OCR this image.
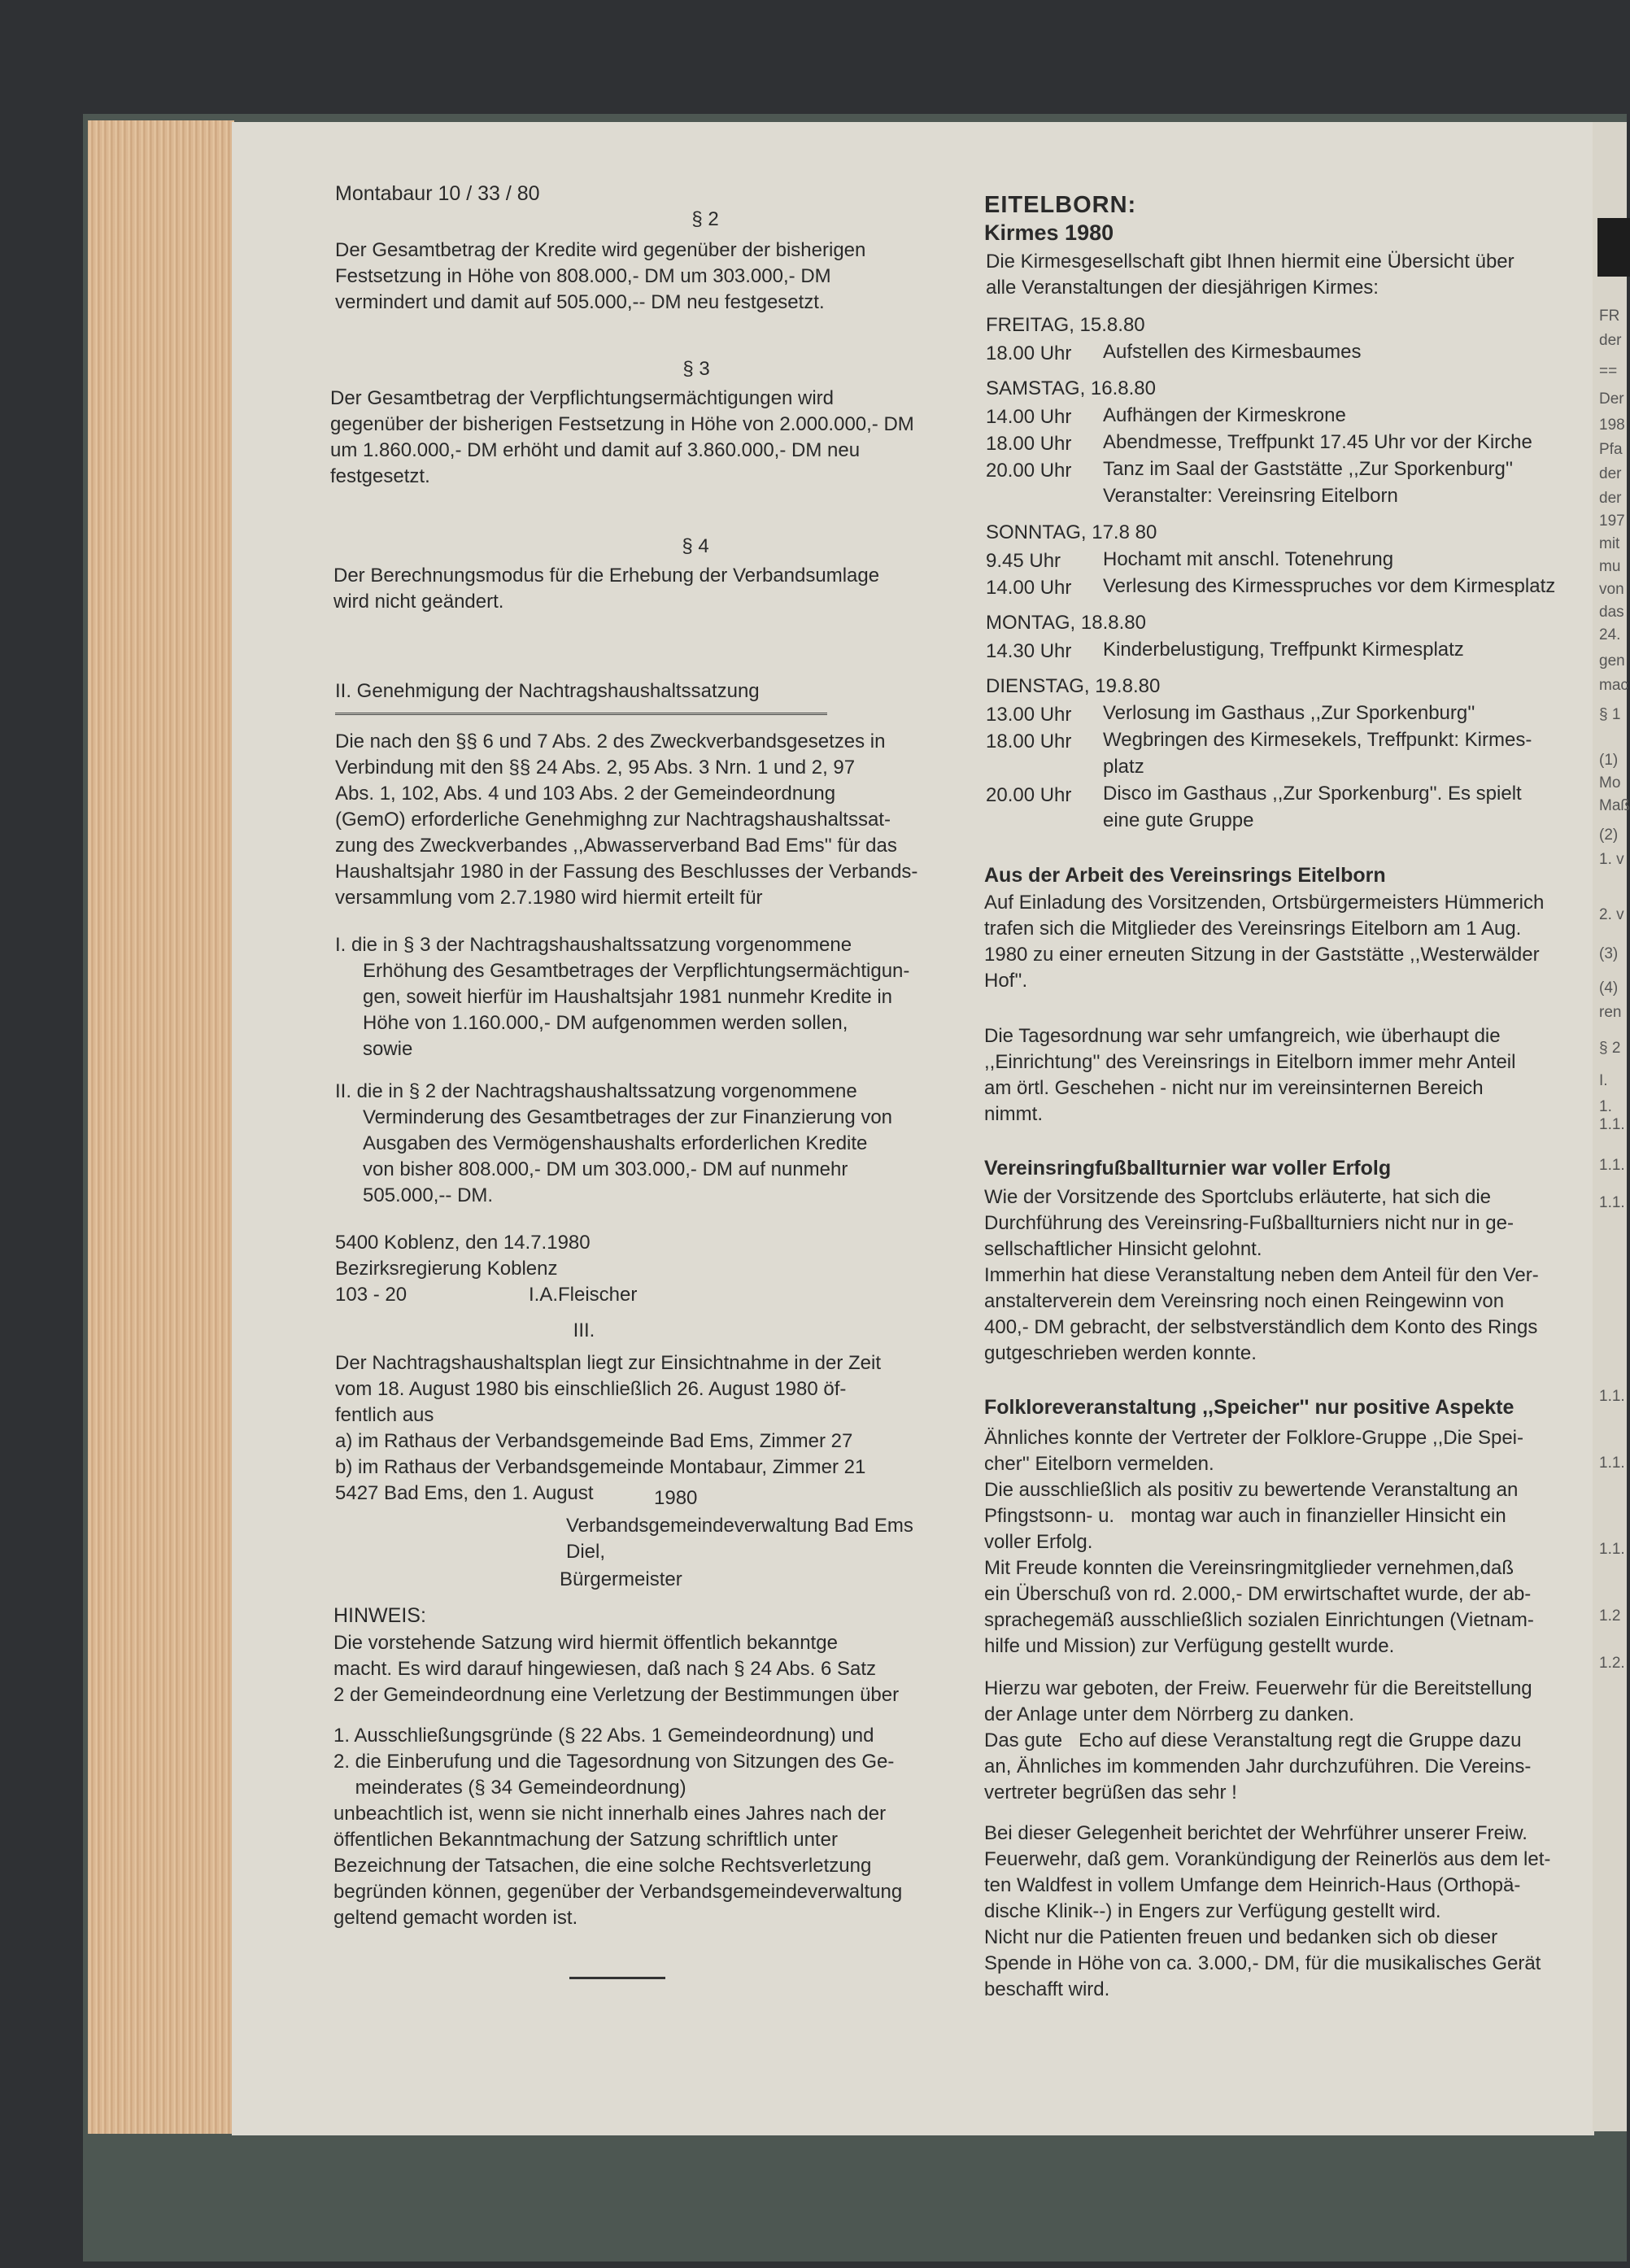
FR
der
==
Der
198
Pfa
der
der
197
mit
mu
von
das
24.
gen
mac
§ 1
(1)
Mo
Maß
(2)
1. v
2. v
(3)
(4)
ren
§ 2
I.
1.
1.1.
1.1.
1.1.
1.1.
1.1.
1.1.
1.2
1.2.
Montabaur 10 / 33 / 80
§ 2
Der Gesamtbetrag der Kredite wird gegenüber der bisherigen
Festsetzung in Höhe von 808.000,- DM um 303.000,- DM
vermindert und damit auf 505.000,-- DM neu festgesetzt.
§ 3
Der Gesamtbetrag der Verpflichtungsermächtigungen wird
gegenüber der bisherigen Festsetzung in Höhe von 2.000.000,- DM
um 1.860.000,- DM erhöht und damit auf 3.860.000,- DM neu
festgesetzt.
§ 4
Der Berechnungsmodus für die Erhebung der Verbandsumlage
wird nicht geändert.
II. Genehmigung der Nachtragshaushaltssatzung
Die nach den §§ 6 und 7 Abs. 2 des Zweckverbandsgesetzes in
Verbindung mit den §§ 24 Abs. 2, 95 Abs. 3 Nrn. 1 und 2, 97
Abs. 1, 102, Abs. 4 und 103 Abs. 2 der Gemeindeordnung
(GemO) erforderliche Genehmighng zur Nachtragshaushaltssat-
zung des Zweckverbandes ,,Abwasserverband Bad Ems'' für das
Haushaltsjahr 1980 in der Fassung des Beschlusses der Verbands-
versammlung vom 2.7.1980 wird hiermit erteilt für
I. die in § 3 der Nachtragshaushaltssatzung vorgenommene
Erhöhung des Gesamtbetrages der Verpflichtungsermächtigun-
gen, soweit hierfür im Haushaltsjahr 1981 nunmehr Kredite in
Höhe von 1.160.000,- DM aufgenommen werden sollen,
sowie
II. die in § 2 der Nachtragshaushaltssatzung vorgenommene
Verminderung des Gesamtbetrages der zur Finanzierung von
Ausgaben des Vermögenshaushalts erforderlichen Kredite
von bisher 808.000,- DM um 303.000,- DM auf nunmehr
505.000,-- DM.
5400 Koblenz, den 14.7.1980
Bezirksregierung Koblenz
103 - 20	I.A.Fleischer
III.
Der Nachtragshaushaltsplan liegt zur Einsichtnahme in der Zeit
vom 18. August 1980 bis einschließlich 26. August 1980 öf-
fentlich aus
a) im Rathaus der Verbandsgemeinde Bad Ems, Zimmer 27
b) im Rathaus der Verbandsgemeinde Montabaur, Zimmer 21
5427 Bad Ems, den 1. August	1980
Verbandsgemeindeverwaltung Bad Ems
Diel,
Bürgermeister
HINWEIS:
Die vorstehende Satzung wird hiermit öffentlich bekanntge
macht. Es wird darauf hingewiesen, daß nach § 24 Abs. 6 Satz
2 der Gemeindeordnung eine Verletzung der Bestimmungen über
1. Ausschließungsgründe (§ 22 Abs. 1 Gemeindeordnung) und
2. die Einberufung und die Tagesordnung von Sitzungen des Ge-
meinderates (§ 34 Gemeindeordnung)
unbeachtlich ist, wenn sie nicht innerhalb eines Jahres nach der
öffentlichen Bekanntmachung der Satzung schriftlich unter
Bezeichnung der Tatsachen, die eine solche Rechtsverletzung
begründen können, gegenüber der Verbandsgemeindeverwaltung
geltend gemacht worden ist.
EITELBORN:
Kirmes 1980
Die Kirmesgesellschaft gibt Ihnen hiermit eine Übersicht über
alle Veranstaltungen der diesjährigen Kirmes:
FREITAG, 15.8.80
18.00 Uhr Aufstellen des Kirmesbaumes
SAMSTAG, 16.8.80
14.00 Uhr Aufhängen der Kirmeskrone
18.00 Uhr Abendmesse, Treffpunkt 17.45 Uhr vor der Kirche
20.00 Uhr Tanz im Saal der Gaststätte ,,Zur Sporkenburg''
Veranstalter: Vereinsring Eitelborn
SONNTAG, 17.8 80
9.45 Uhr Hochamt mit anschl. Totenehrung
14.00 Uhr Verlesung des Kirmesspruches vor dem Kirmesplatz
MONTAG, 18.8.80
14.30 Uhr Kinderbelustigung, Treffpunkt Kirmesplatz
DIENSTAG, 19.8.80
13.00 Uhr Verlosung im Gasthaus ,,Zur Sporkenburg''
18.00 Uhr Wegbringen des Kirmesekels, Treffpunkt: Kirmes-
platz
20.00 Uhr Disco im Gasthaus ,,Zur Sporkenburg''. Es spielt
eine gute Gruppe
Aus der Arbeit des Vereinsrings Eitelborn
Auf Einladung des Vorsitzenden, Ortsbürgermeisters Hümmerich
trafen sich die Mitglieder des Vereinsrings Eitelborn am 1 Aug.
1980 zu einer erneuten Sitzung in der Gaststätte ,,Westerwälder
Hof''.
Die Tagesordnung war sehr umfangreich, wie überhaupt die
,,Einrichtung'' des Vereinsrings in Eitelborn immer mehr Anteil
am örtl. Geschehen - nicht nur im vereinsinternen Bereich
nimmt.
Vereinsringfußballturnier war voller Erfolg
Wie der Vorsitzende des Sportclubs erläuterte, hat sich die
Durchführung des Vereinsring-Fußballturniers nicht nur in ge-
sellschaftlicher Hinsicht gelohnt.
Immerhin hat diese Veranstaltung neben dem Anteil für den Ver-
anstalterverein dem Vereinsring noch einen Reingewinn von
400,- DM gebracht, der selbstverständlich dem Konto des Rings
gutgeschrieben werden konnte.
Folkloreveranstaltung ,,Speicher'' nur positive Aspekte
Ähnliches konnte der Vertreter der Folklore-Gruppe ,,Die Spei-
cher'' Eitelborn vermelden.
Die ausschließlich als positiv zu bewertende Veranstaltung an
Pfingstsonn- u.   montag war auch in finanzieller Hinsicht ein
voller Erfolg.
Mit Freude konnten die Vereinsringmitglieder vernehmen,daß
ein Überschuß von rd. 2.000,- DM erwirtschaftet wurde, der ab-
sprachegemäß ausschließlich sozialen Einrichtungen (Vietnam-
hilfe und Mission) zur Verfügung gestellt wurde.
Hierzu war geboten, der Freiw. Feuerwehr für die Bereitstellung
der Anlage unter dem Nörrberg zu danken.
Das gute   Echo auf diese Veranstaltung regt die Gruppe dazu
an, Ähnliches im kommenden Jahr durchzuführen. Die Vereins-
vertreter begrüßen das sehr !
Bei dieser Gelegenheit berichtet der Wehrführer unserer Freiw.
Feuerwehr, daß gem. Vorankündigung der Reinerlös aus dem let-
ten Waldfest in vollem Umfange dem Heinrich-Haus (Orthopä-
dische Klinik--) in Engers zur Verfügung gestellt wird.
Nicht nur die Patienten freuen und bedanken sich ob dieser
Spende in Höhe von ca. 3.000,- DM, für die musikalisches Gerät
beschafft wird.
